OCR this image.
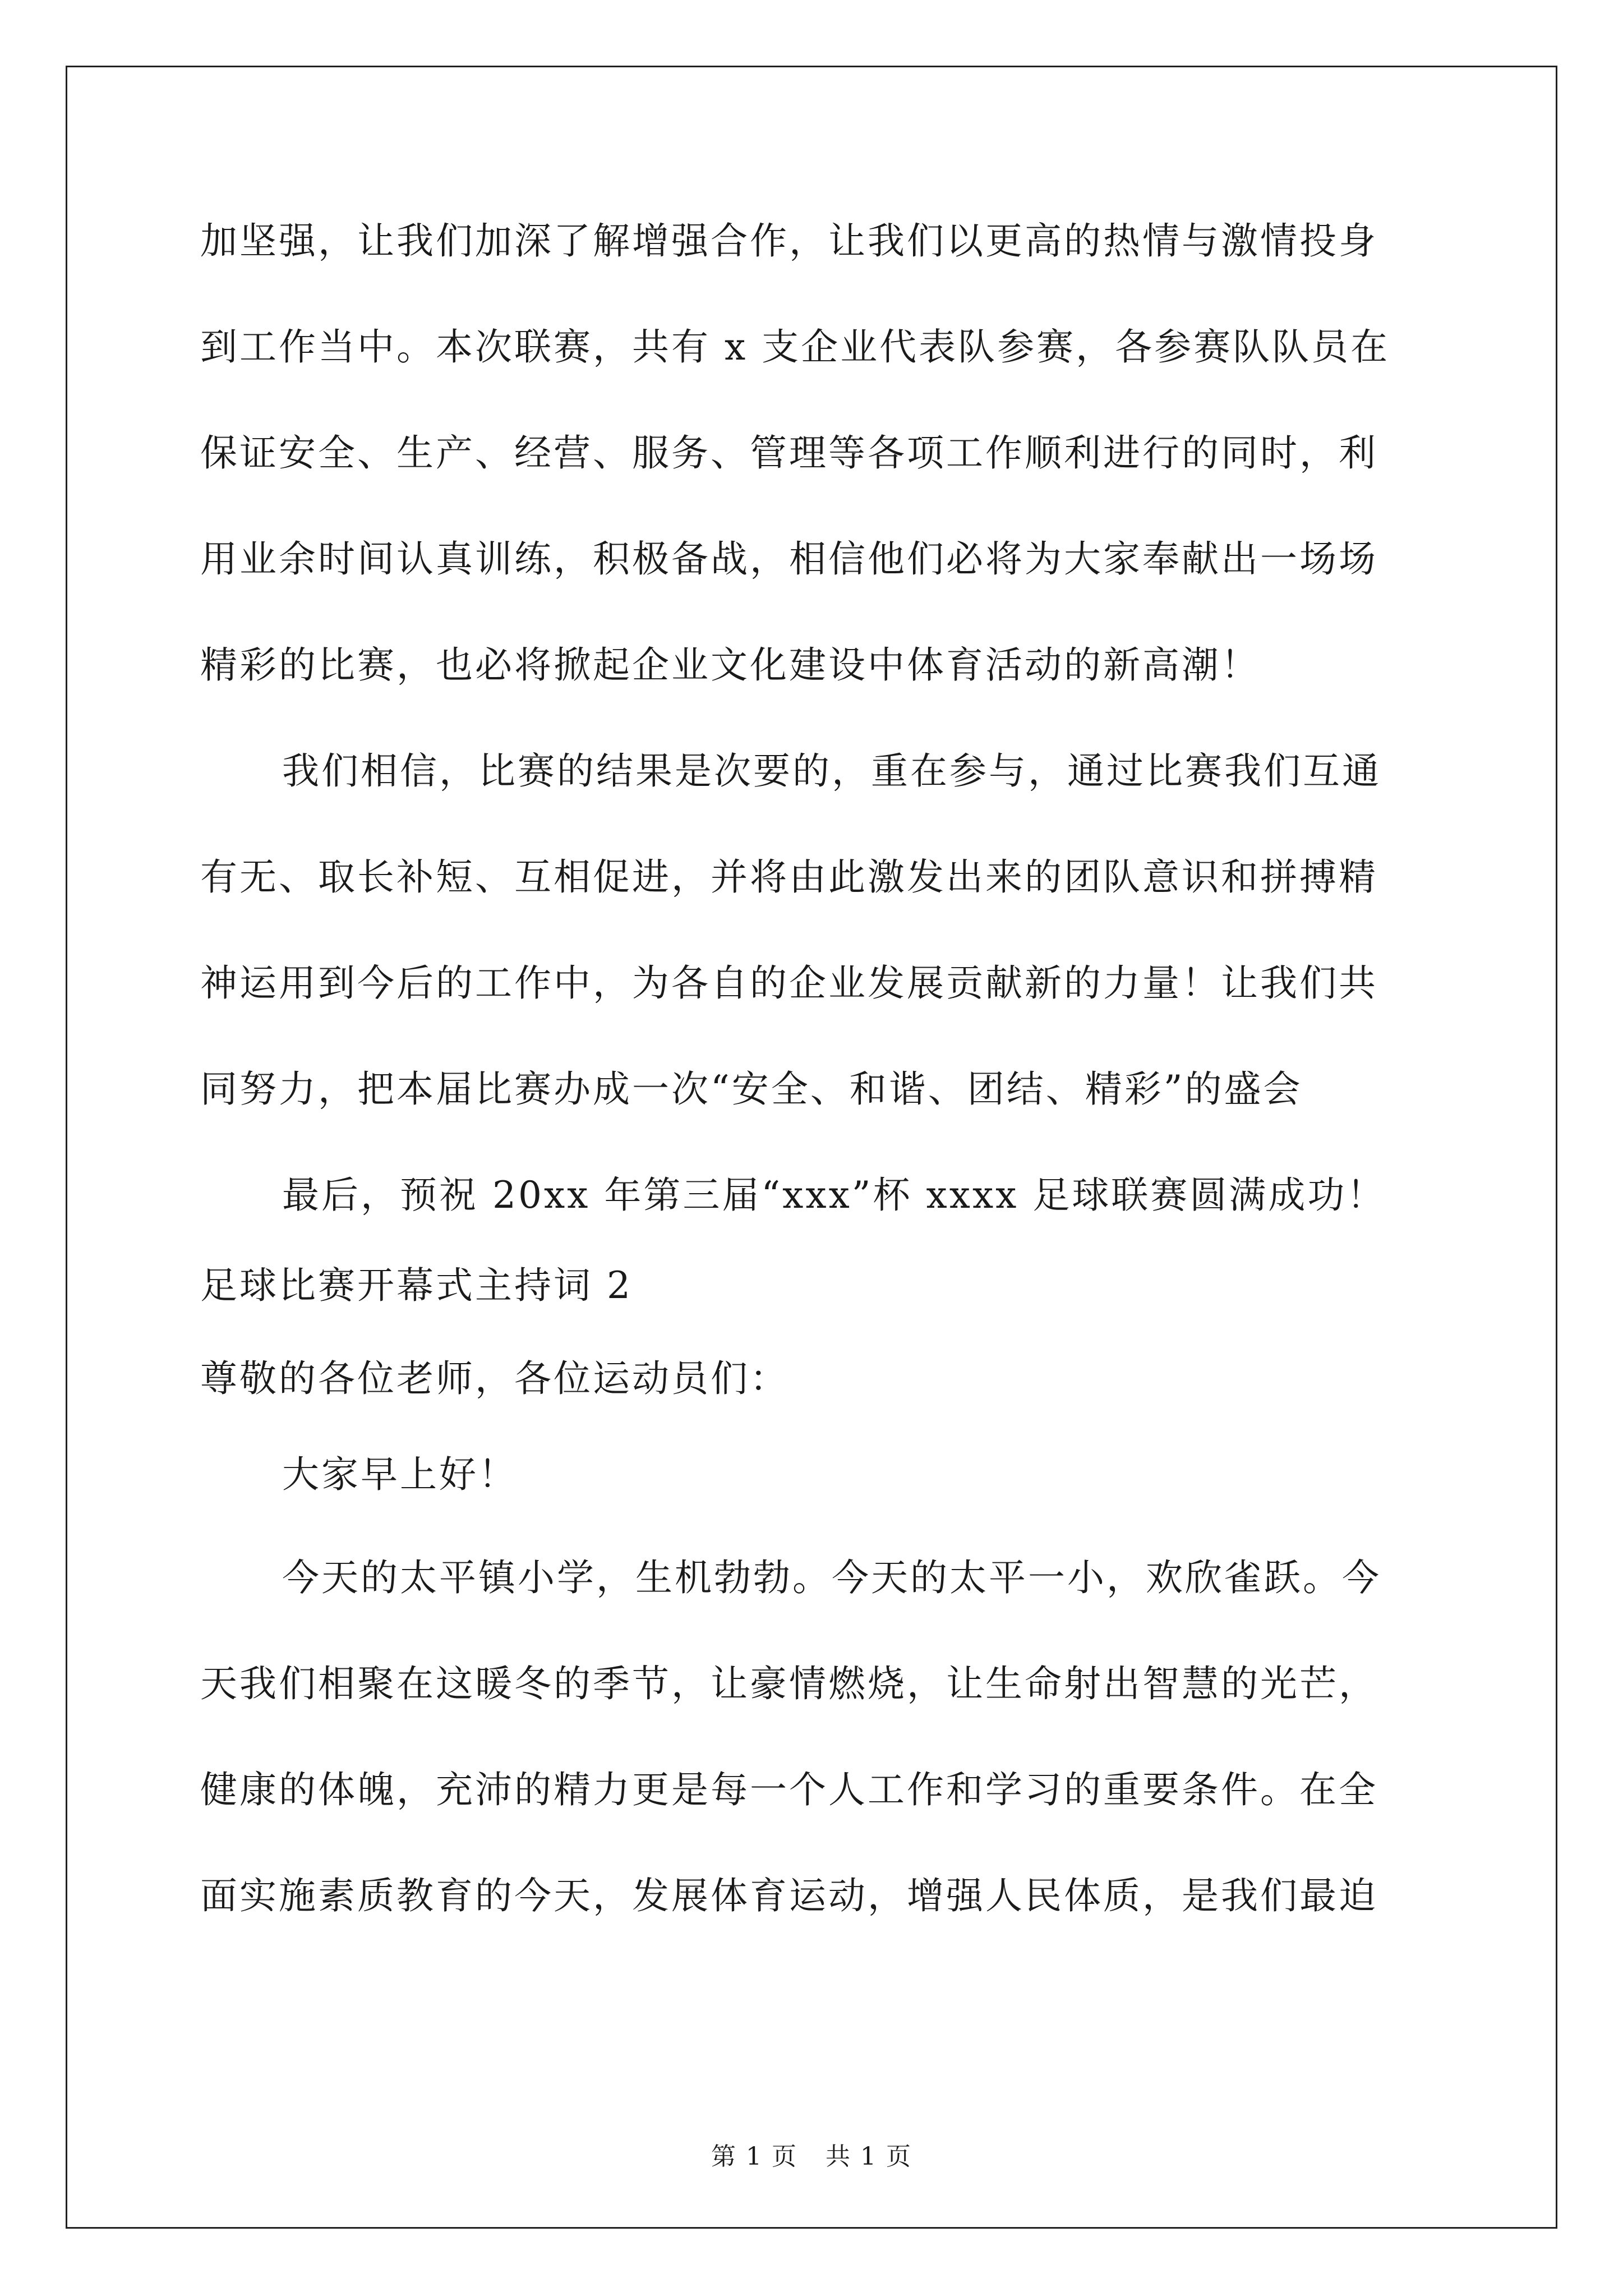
加坚强，让我们加深了解增强合作，让我们以更高的热情与激情投身
到工作当中。本次联赛，共有 x 支企业代表队参赛，各参赛队队员在
保证安全、生产、经营、服务、管理等各项工作顺利进行的同时，利
用业余时间认真训练，积极备战，相信他们必将为大家奉献出一场场
精彩的比赛，也必将掀起企业文化建设中体育活动的新高潮！
我们相信，比赛的结果是次要的，重在参与，通过比赛我们互通
有无、取长补短、互相促进，并将由此激发出来的团队意识和拼搏精
神运用到今后的工作中，为各自的企业发展贡献新的力量！让我们共
同努力，把本届比赛办成一次“安全、和谐、团结、精彩”的盛会
最后，预祝 20xx 年第三届“xxx”杯 xxxx 足球联赛圆满成功！
足球比赛开幕式主持词 2
尊敬的各位老师，各位运动员们：
大家早上好！
今天的太平镇小学，生机勃勃。今天的太平一小，欢欣雀跃。今
天我们相聚在这暖冬的季节，让豪情燃烧，让生命射出智慧的光芒，
健康的体魄，充沛的精力更是每一个人工作和学习的重要条件。在全
面实施素质教育的今天，发展体育运动，增强人民体质，是我们最迫
第 1 页 共 1 页
